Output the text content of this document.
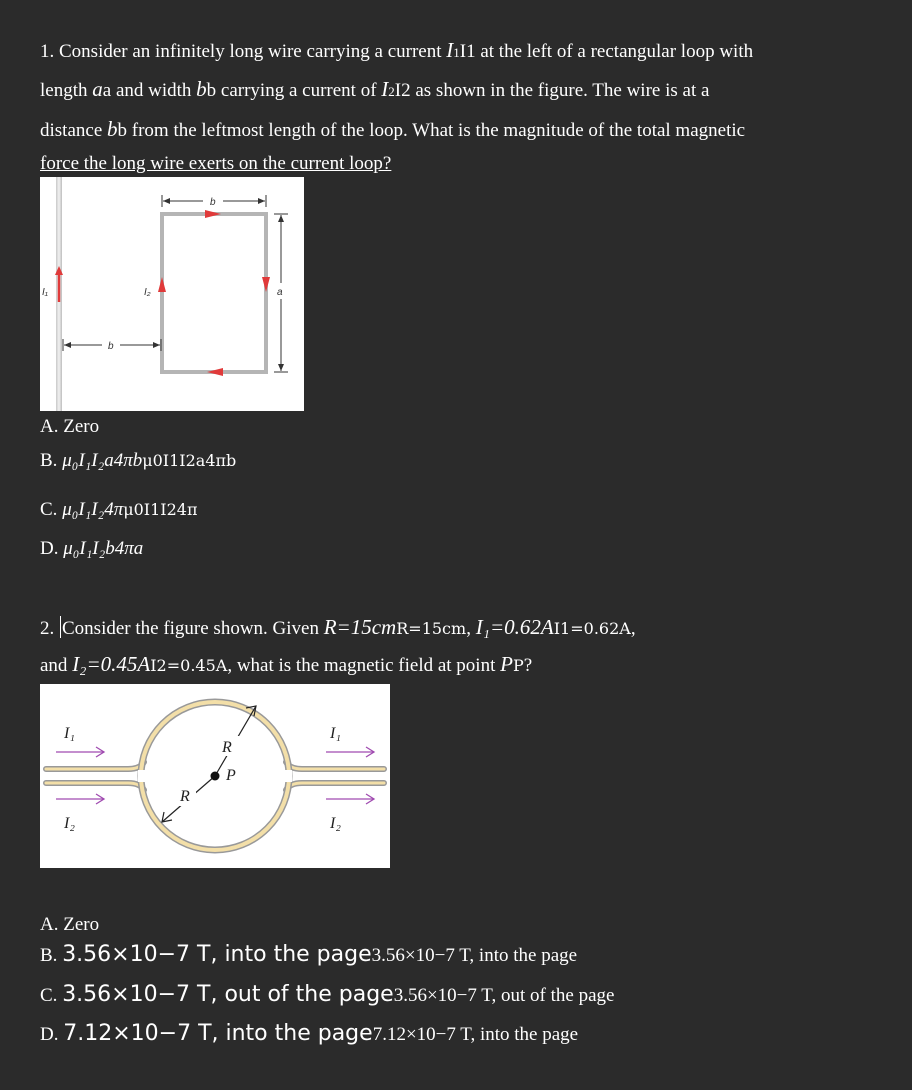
1. Consider an infinitely long wire carrying a current I1I1 at the left of a rectangular loop with
length aa and width bb carrying a current of I2I2 as shown in the figure. The wire is at a
distance bb from the leftmost length of the loop. What is the magnitude of the total magnetic
force the long wire exerts on the current loop?
I₁	I₂
b
b
a
A. Zero
B. μ₀I₁I₂a4πbμ0I1I2a4πb
C. μ₀I₁I₂4πμ0I1I24π
D. μ₀I₁I₂b4πa
2. Consider the figure shown. Given R=15cmR=15cm, I₁=0.62AI1=0.62A,
and I₂=0.45AI2=0.45A, what is the magnetic field at point PP?
I₁
I₂
I₁
I₂
R
R
P
A. Zero
B. 3.56×10−7 T, into the page3.56×10−7 T, into the page
C. 3.56×10−7 T, out of the page3.56×10−7 T, out of the page
D. 7.12×10−7 T, into the page7.12×10−7 T, into the page
